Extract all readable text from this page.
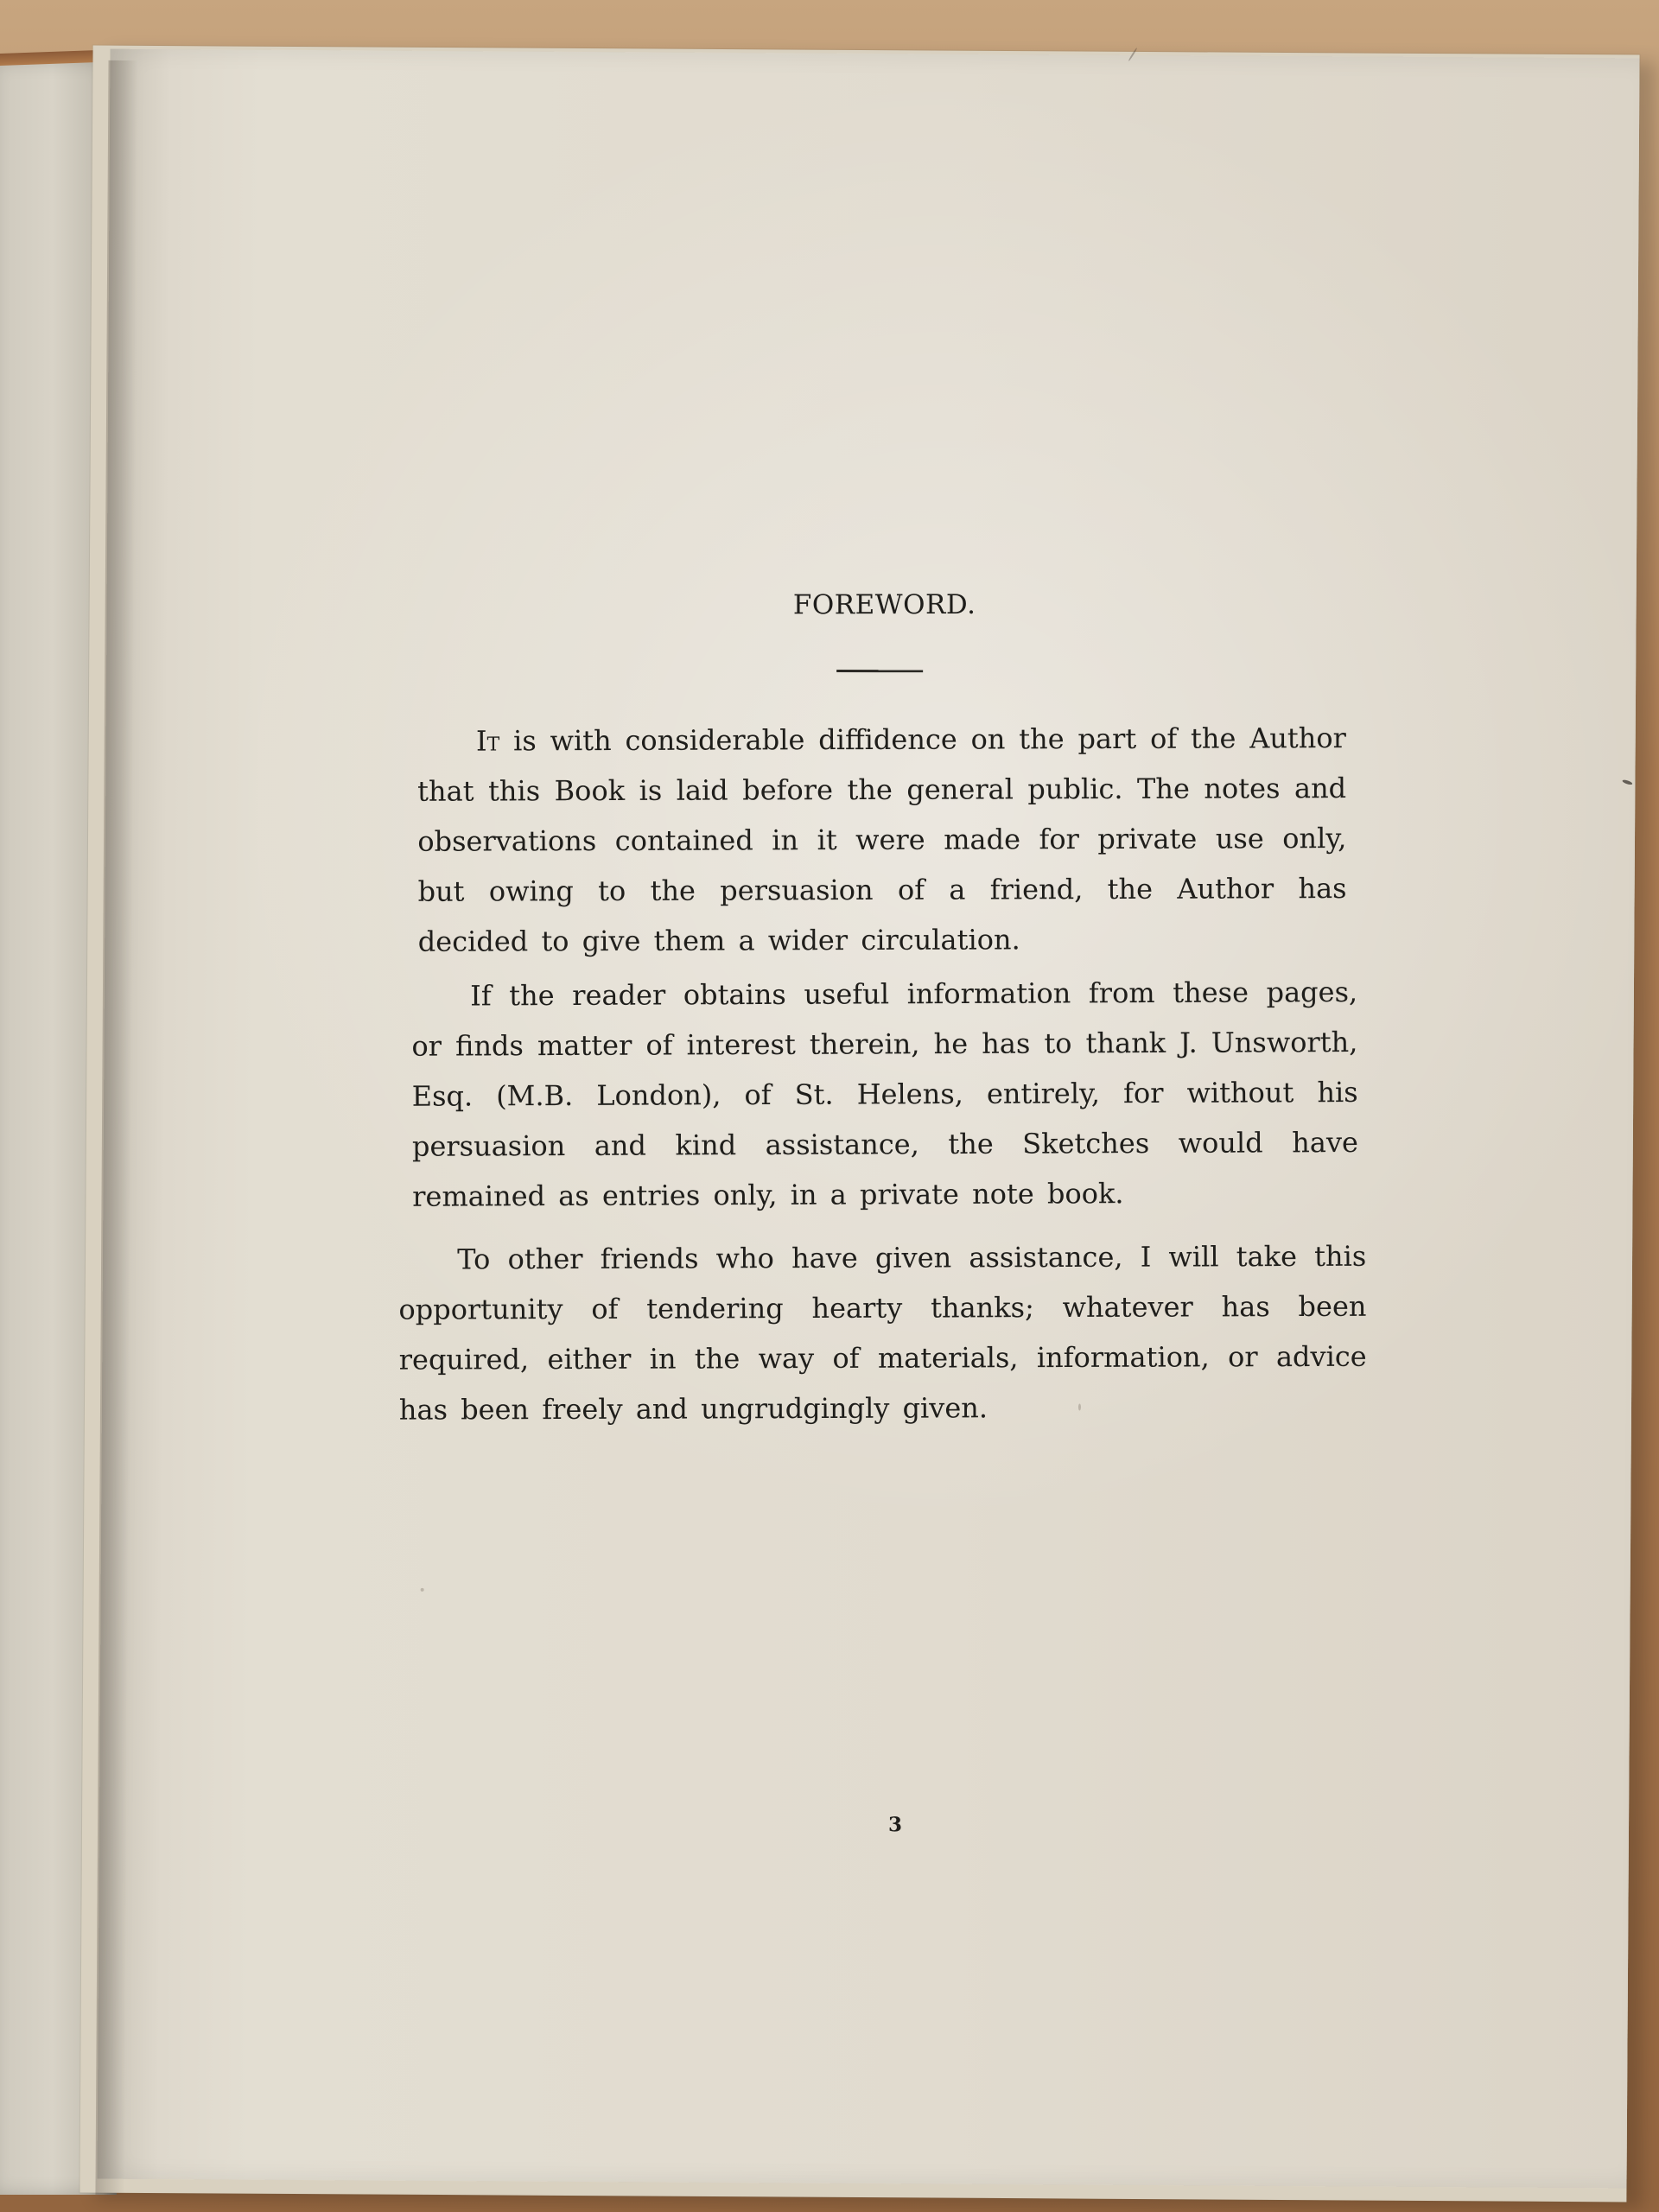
FOREWORD.
It is with considerable diffidence on the part of the Author that this Book is laid before the general public. The notes and observations contained in it were made for private use only, but owing to the persuasion of a friend, the Author has decided to give them a wider circulation.
If the reader obtains useful information from these pages, or finds matter of interest therein, he has to thank J. Unsworth, Esq. (M.B. London), of St. Helens, entirely, for without his persuasion and kind assistance, the Sketches would have remained as entries only, in a private note book.
To other friends who have given assistance, I will take this opportunity of tendering hearty thanks; whatever has been required, either in the way of materials, information, or advice has been freely and ungrudgingly given.
3
